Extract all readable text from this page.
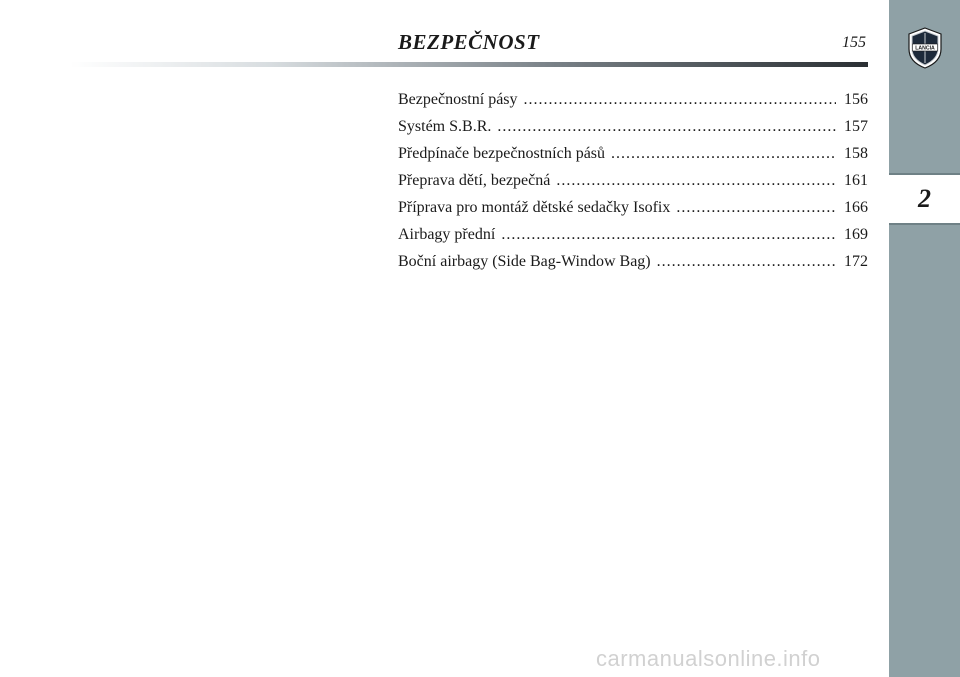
BEZPEČNOST	155
Bezpečnostní pásy .....	156
Systém S.B.R. .....	157
Předpínače bezpečnostních pásů .....	158
Přeprava dětí, bezpečná .....	161
Příprava pro montáž dětské sedačky Isofix .....	166
Airbagy přední .....	169
Boční airbagy (Side Bag-Window Bag) .....	172
LANCIA
2
carmanualsonline.info
